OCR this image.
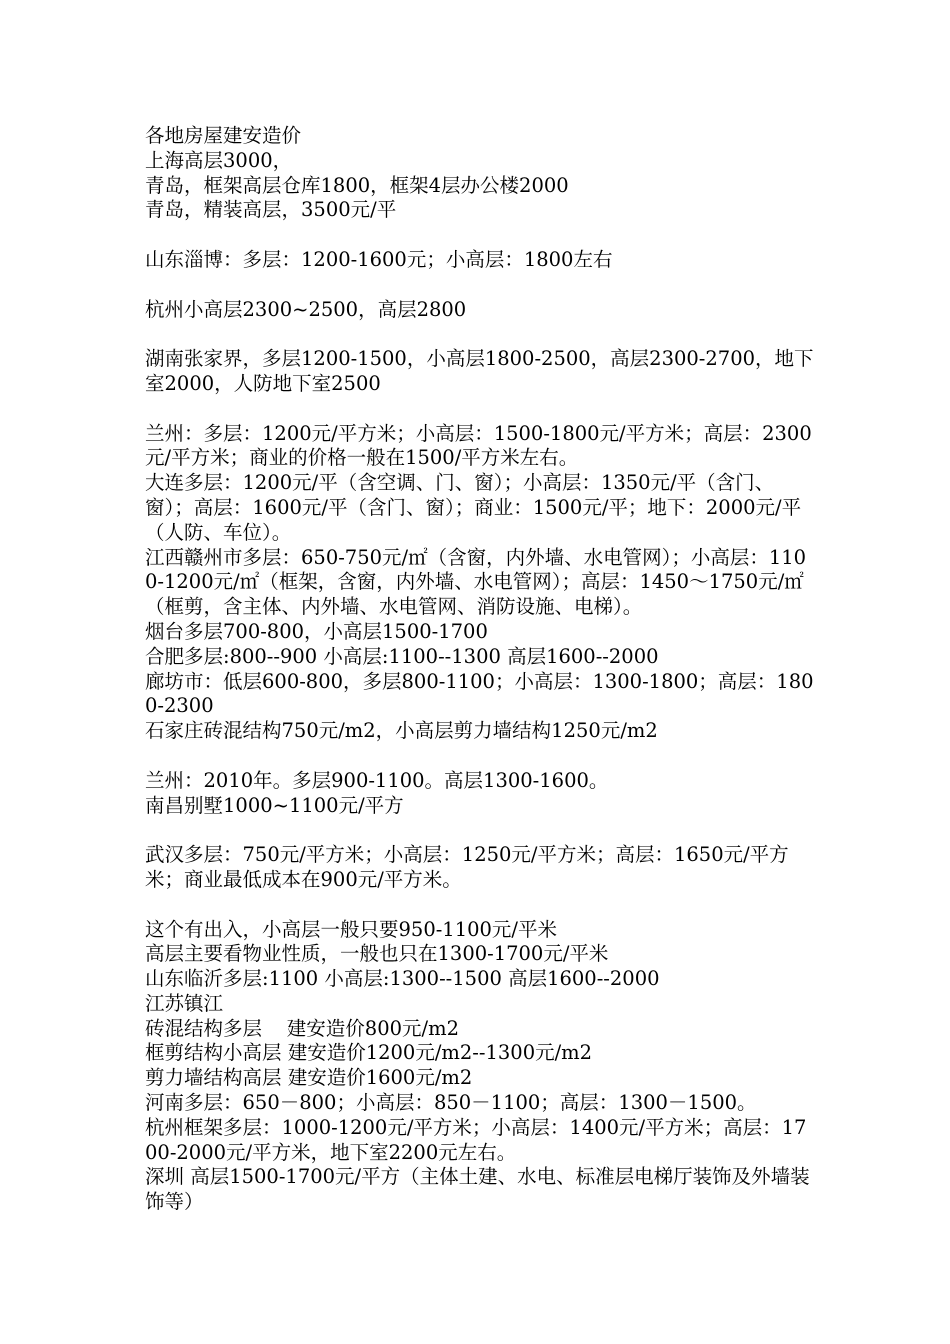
各地房屋建安造价
上海高层3000，
青岛，框架高层仓库1800，框架4层办公楼2000
青岛，精装高层，3500元/平
山东淄博：多层：1200-1600元；小高层：1800左右
杭州小高层2300~2500，高层2800
湖南张家界，多层1200-1500，小高层1800-2500，高层2300-2700，地下室2000，人防地下室2500
兰州：多层：1200元/平方米；小高层：1500-1800元/平方米；高层：2300元/平方米；商业的价格一般在1500/平方米左右。
大连多层：1200元/平（含空调、门、窗）；小高层：1350元/平（含门、窗）；高层：1600元/平（含门、窗）；商业：1500元/平；地下：2000元/平（人防、车位）。
江西赣州市多层：650-750元/㎡（含窗，内外墙、水电管网）；小高层：1100-1200元/㎡（框架，含窗，内外墙、水电管网）；高层：1450～1750元/㎡（框剪，含主体、内外墙、水电管网、消防设施、电梯）。
烟台多层700-800，小高层1500-1700
合肥多层:800--900 小高层:1100--1300 高层1600--2000
廊坊市：低层600-800，多层800-1100；小高层：1300-1800；高层：1800-2300
石家庄砖混结构750元/m2，小高层剪力墙结构1250元/m2
兰州：2010年。多层900-1100。高层1300-1600。
南昌别墅1000~1100元/平方
武汉多层：750元/平方米；小高层：1250元/平方米；高层：1650元/平方米；商业最低成本在900元/平方米。
这个有出入，小高层一般只要950-1100元/平米
高层主要看物业性质，一般也只在1300-1700元/平米
山东临沂多层:1100 小高层:1300--1500 高层1600--2000
江苏镇江
砖混结构多层    建安造价800元/m2
框剪结构小高层 建安造价1200元/m2--1300元/m2
剪力墙结构高层 建安造价1600元/m2
河南多层：650－800；小高层：850－1100；高层：1300－1500。
杭州框架多层：1000-1200元/平方米；小高层：1400元/平方米；高层：1700-2000元/平方米，地下室2200元左右。
深圳 高层1500-1700元/平方（主体土建、水电、标准层电梯厅装饰及外墙装饰等）
